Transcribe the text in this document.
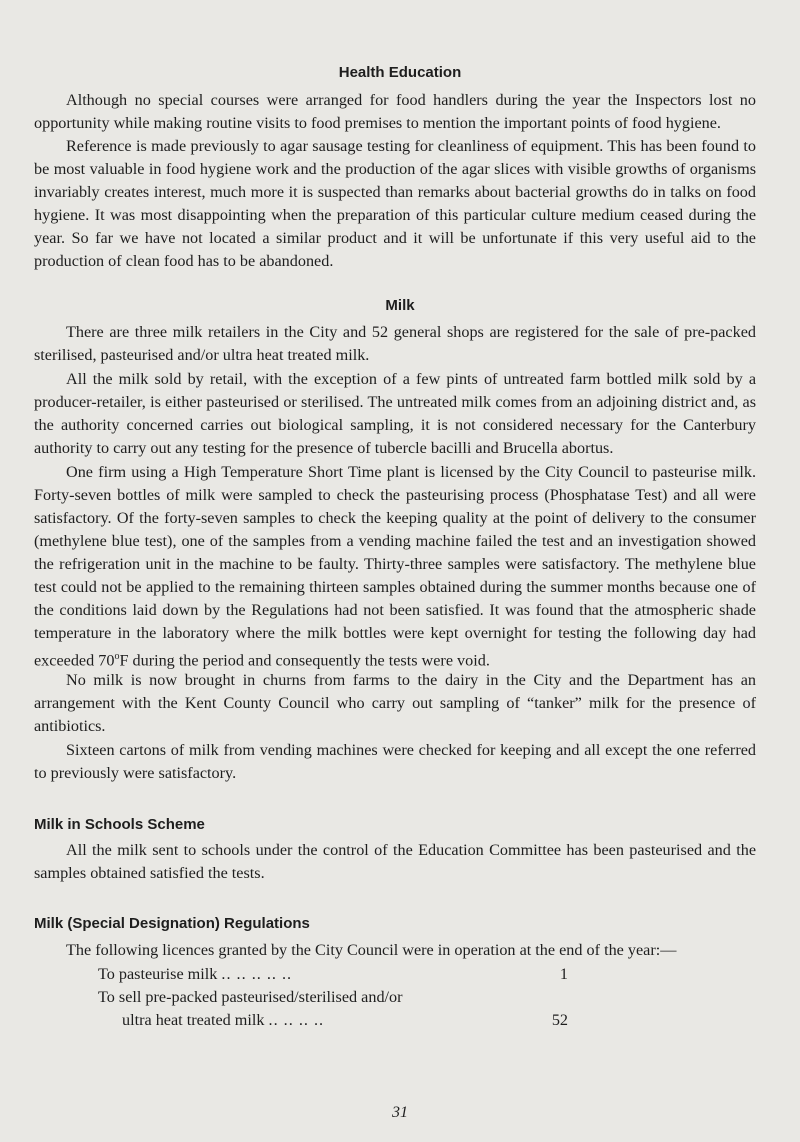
Health Education

Although no special courses were arranged for food handlers during the year the Inspectors lost no opportunity while making routine visits to food premises to mention the important points of food hygiene.

Reference is made previously to agar sausage testing for cleanliness of equipment. This has been found to be most valuable in food hygiene work and the production of the agar slices with visible growths of organisms invariably creates interest, much more it is suspected than remarks about bacterial growths do in talks on food hygiene. It was most disappointing when the preparation of this particular culture medium ceased during the year. So far we have not located a similar product and it will be unfortunate if this very useful aid to the production of clean food has to be abandoned.

Milk

There are three milk retailers in the City and 52 general shops are registered for the sale of pre-packed sterilised, pasteurised and/or ultra heat treated milk.

All the milk sold by retail, with the exception of a few pints of untreated farm bottled milk sold by a producer-retailer, is either pasteurised or sterilised. The untreated milk comes from an adjoining district and, as the authority concerned carries out biological sampling, it is not considered necessary for the Canterbury authority to carry out any testing for the presence of tubercle bacilli and Brucella abortus.

One firm using a High Temperature Short Time plant is licensed by the City Council to pasteurise milk. Forty-seven bottles of milk were sampled to check the pasteurising process (Phosphatase Test) and all were satisfactory. Of the forty-seven samples to check the keeping quality at the point of delivery to the consumer (methylene blue test), one of the samples from a vending machine failed the test and an investigation showed the refrigeration unit in the machine to be faulty. Thirty-three samples were satisfactory. The methylene blue test could not be applied to the remaining thirteen samples obtained during the summer months because one of the conditions laid down by the Regulations had not been satisfied. It was found that the atmospheric shade temperature in the laboratory where the milk bottles were kept overnight for testing the following day had exceeded 70$^o$F during the period and consequently the tests were void.

No milk is now brought in churns from farms to the dairy in the City and the Department has an arrangement with the Kent County Council who carry out sampling of “tanker” milk for the presence of antibiotics.

Sixteen cartons of milk from vending machines were checked for keeping and all except the one referred to previously were satisfactory.

Milk in Schools Scheme

All the milk sent to schools under the control of the Education Committee has been pasteurised and the samples obtained satisfied the tests.

Milk (Special Designation) Regulations

The following licences granted by the City Council were in operation at the end of the year:—

To pasteurise milk .. .. .. .. ..	1
To sell pre-packed pasteurised/sterilised and/or
ultra heat treated milk .. .. .. ..	52
31
